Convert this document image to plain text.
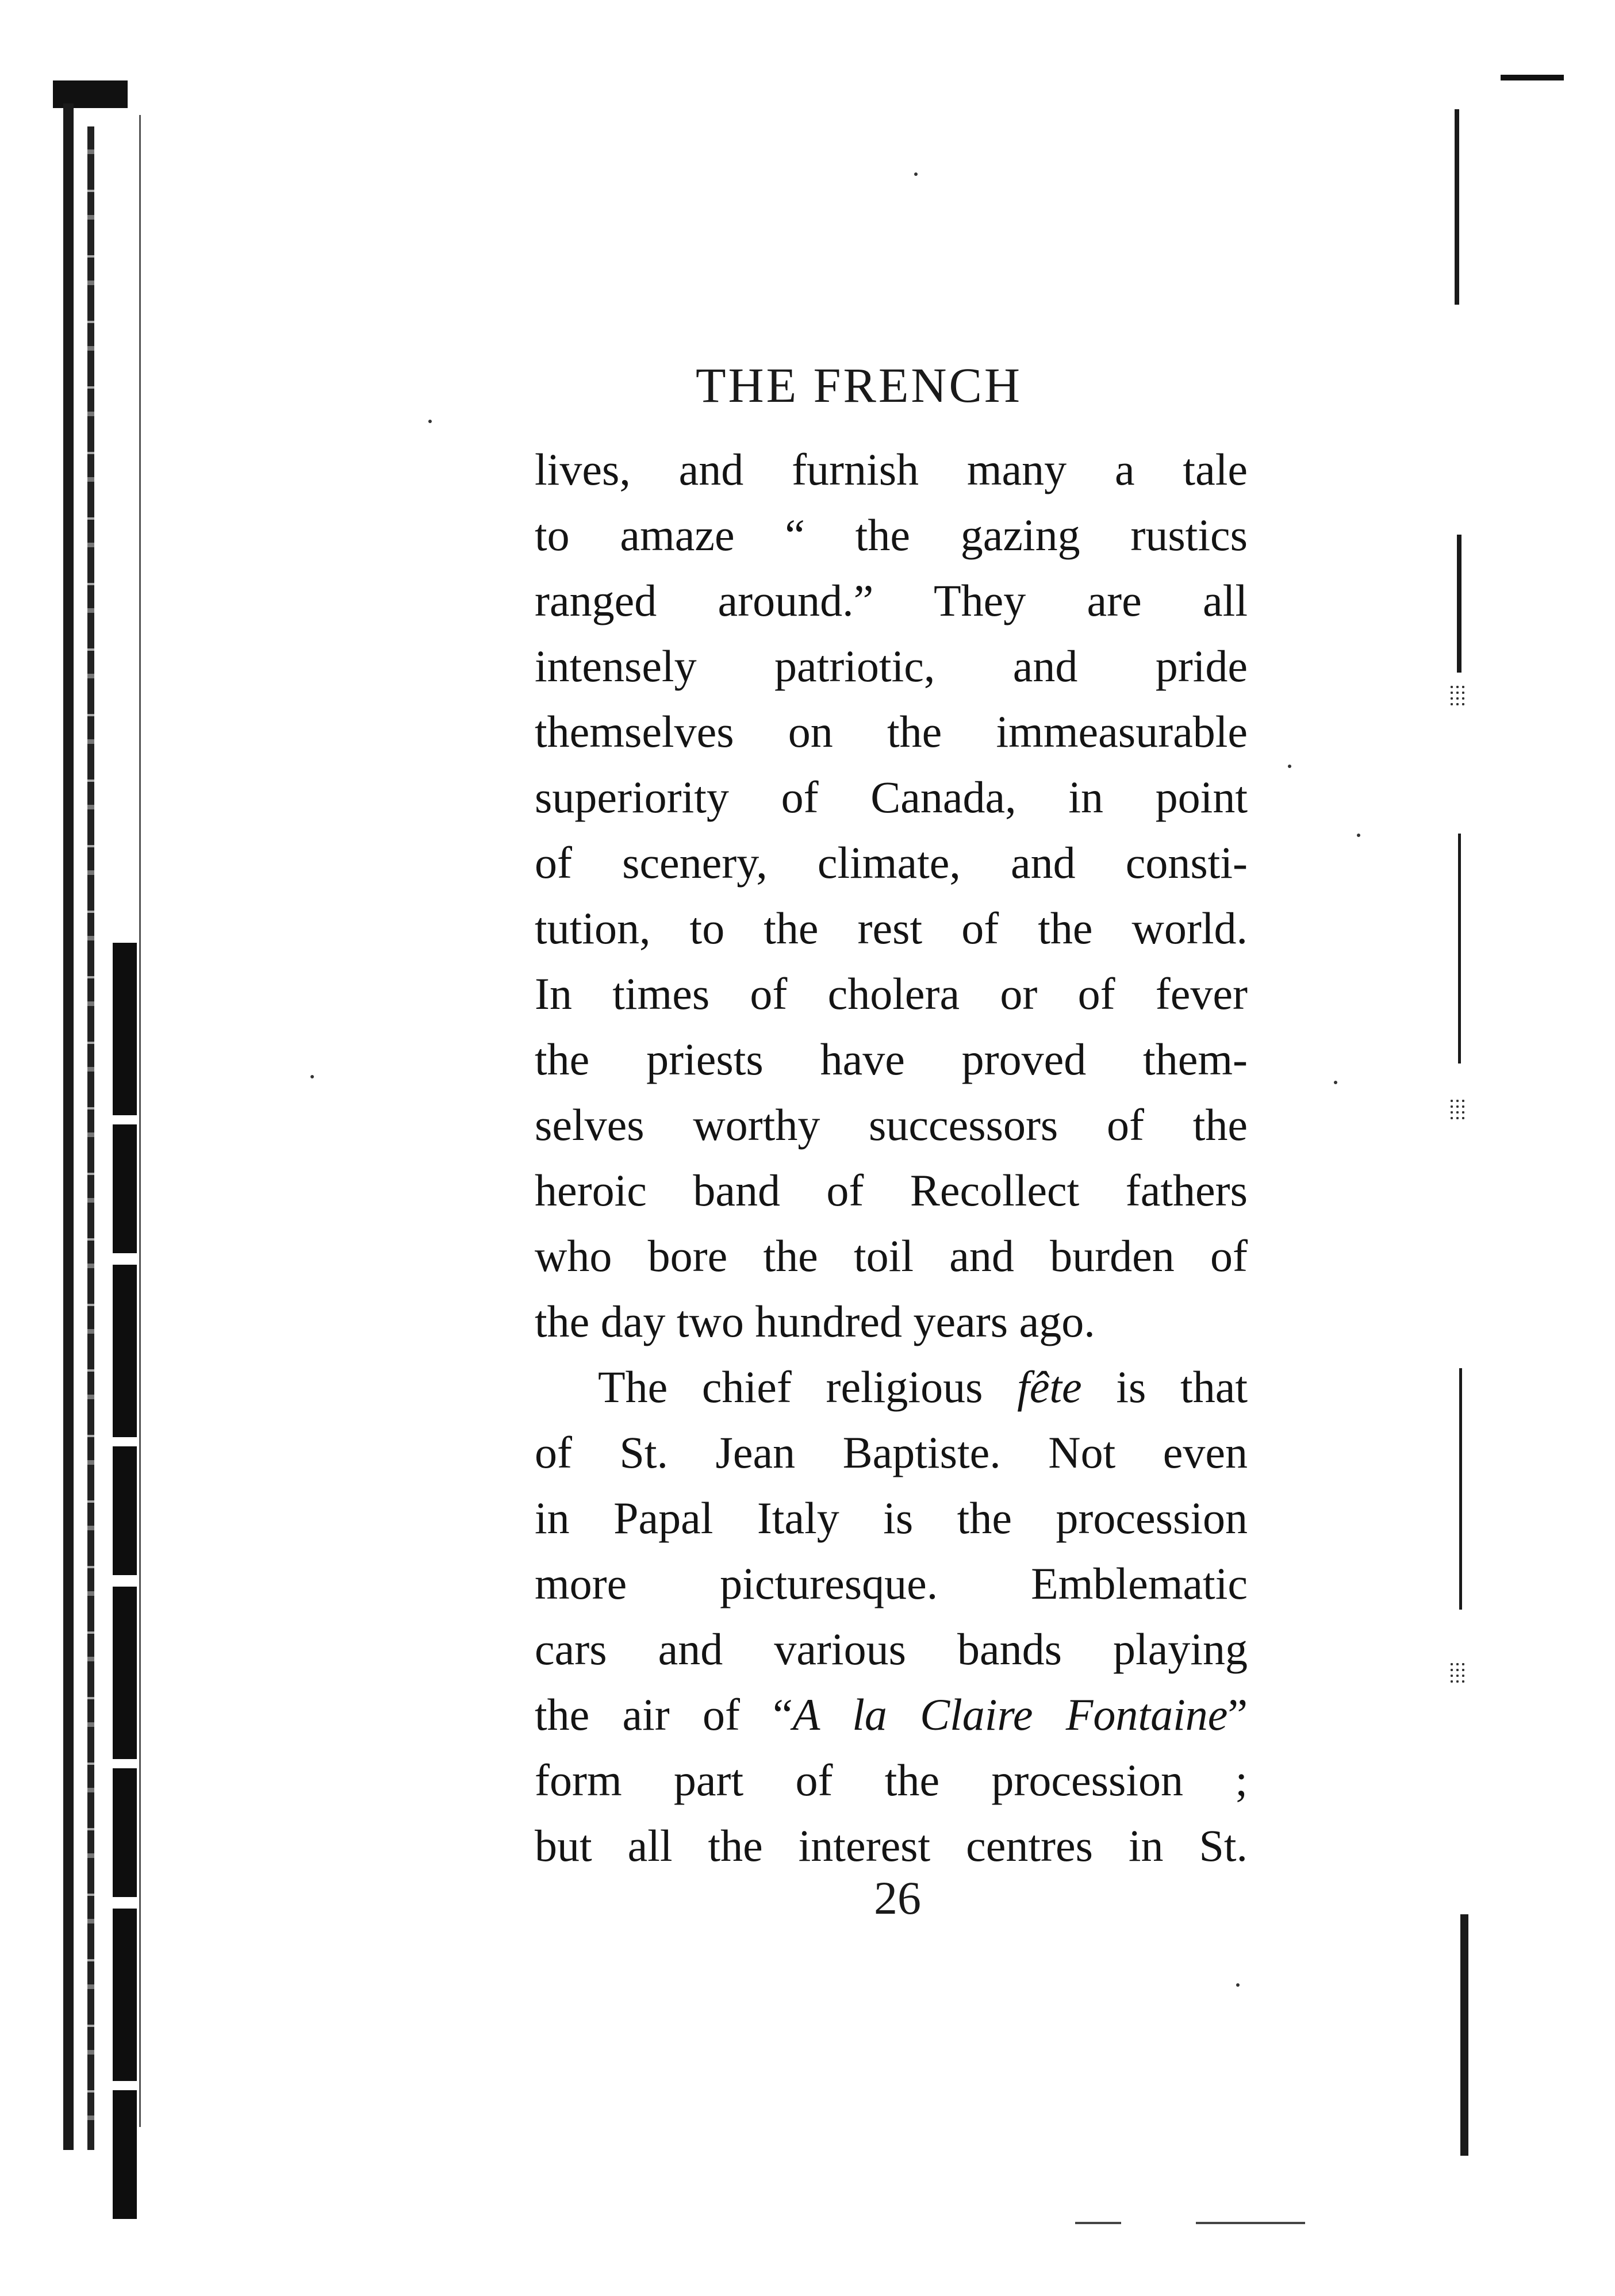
THE FRENCH
lives, and furnish many a tale
to amaze “ the gazing rustics
ranged around.” They are all
intensely patriotic, and pride
themselves on the immeasurable
superiority of Canada, in point
of scenery, climate, and consti-
tution, to the rest of the world.
In times of cholera or of fever
the priests have proved them-
selves worthy successors of the
heroic band of Recollect fathers
who bore the toil and burden of
the day two hundred years ago.
The chief religious fête is that
of St. Jean Baptiste. Not even
in Papal Italy is the procession
more picturesque. Emblematic
cars and various bands playing
the air of “A la Claire Fontaine”
form part of the procession ;
but all the interest centres in St.
26
